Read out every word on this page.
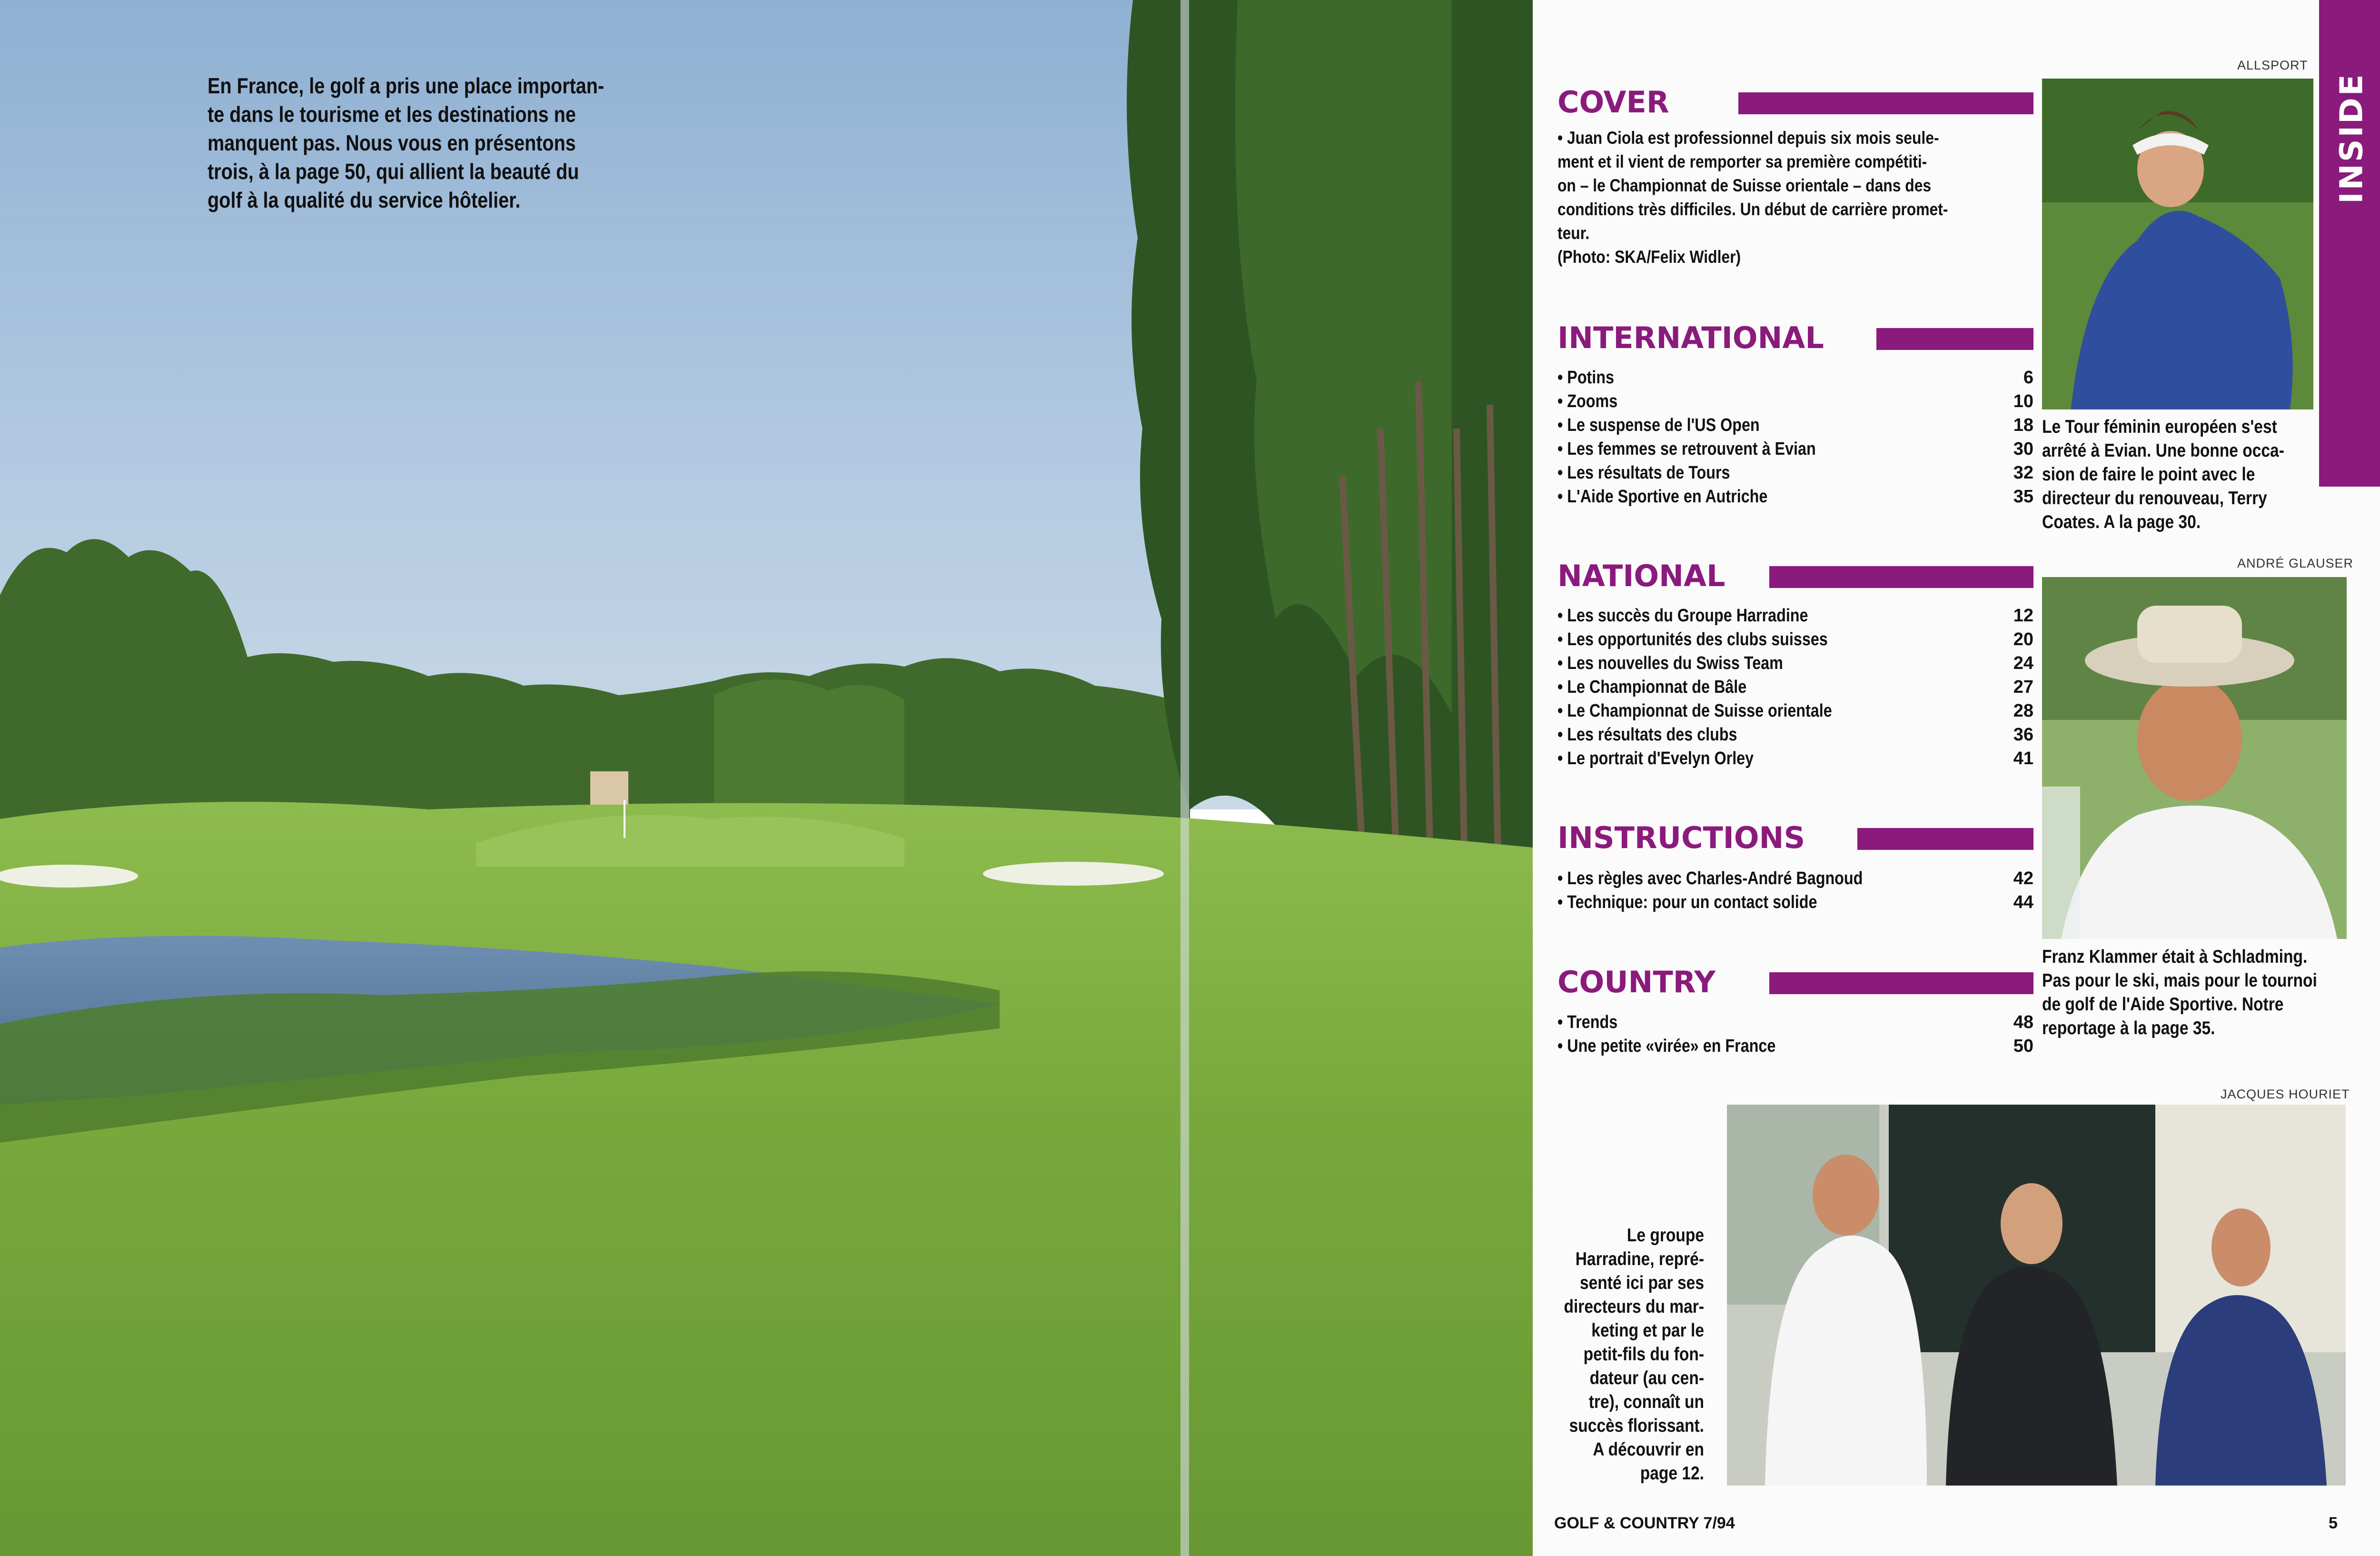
En France, le golf a pris une place importan-
te dans le tourisme et les destinations ne
manquent pas. Nous vous en présentons
trois, à la page 50, qui allient la beauté du
golf à la qualité du service hôtelier.
COVER
• Juan Ciola est professionnel depuis six mois seule-
ment et il vient de remporter sa première compétiti-
on – le Championnat de Suisse orientale – dans des
conditions très difficiles. Un début de carrière promet-
teur.
(Photo: SKA/Felix Widler)
INTERNATIONAL
• Potins	6
• Zooms	10
• Le suspense de l'US Open	18
• Les femmes se retrouvent à Evian	30
• Les résultats de Tours	32
• L'Aide Sportive en Autriche	35
NATIONAL
• Les succès du Groupe Harradine	12
• Les opportunités des clubs suisses	20
• Les nouvelles du Swiss Team	24
• Le Championnat de Bâle	27
• Le Championnat de Suisse orientale	28
• Les résultats des clubs	36
• Le portrait d'Evelyn Orley	41
INSTRUCTIONS
• Les règles avec Charles-André Bagnoud	42
• Technique: pour un contact solide	44
COUNTRY
• Trends	48
• Une petite «virée» en France	50
ALLSPORT
Le Tour féminin européen s'est
arrêté à Evian. Une bonne occa-
sion de faire le point avec le
directeur du renouveau, Terry
Coates. A la page 30.
INSIDE
ANDRÉ GLAUSER
Franz Klammer était à Schladming.
Pas pour le ski, mais pour le tournoi
de golf de l'Aide Sportive. Notre
reportage à la page 35.
JACQUES HOURIET
Le groupe
Harradine, repré-
senté ici par ses
directeurs du mar-
keting et par le
petit-fils du fon-
dateur (au cen-
tre), connaît un
succès florissant.
A découvrir en
page 12.
GOLF & COUNTRY 7/94	5
